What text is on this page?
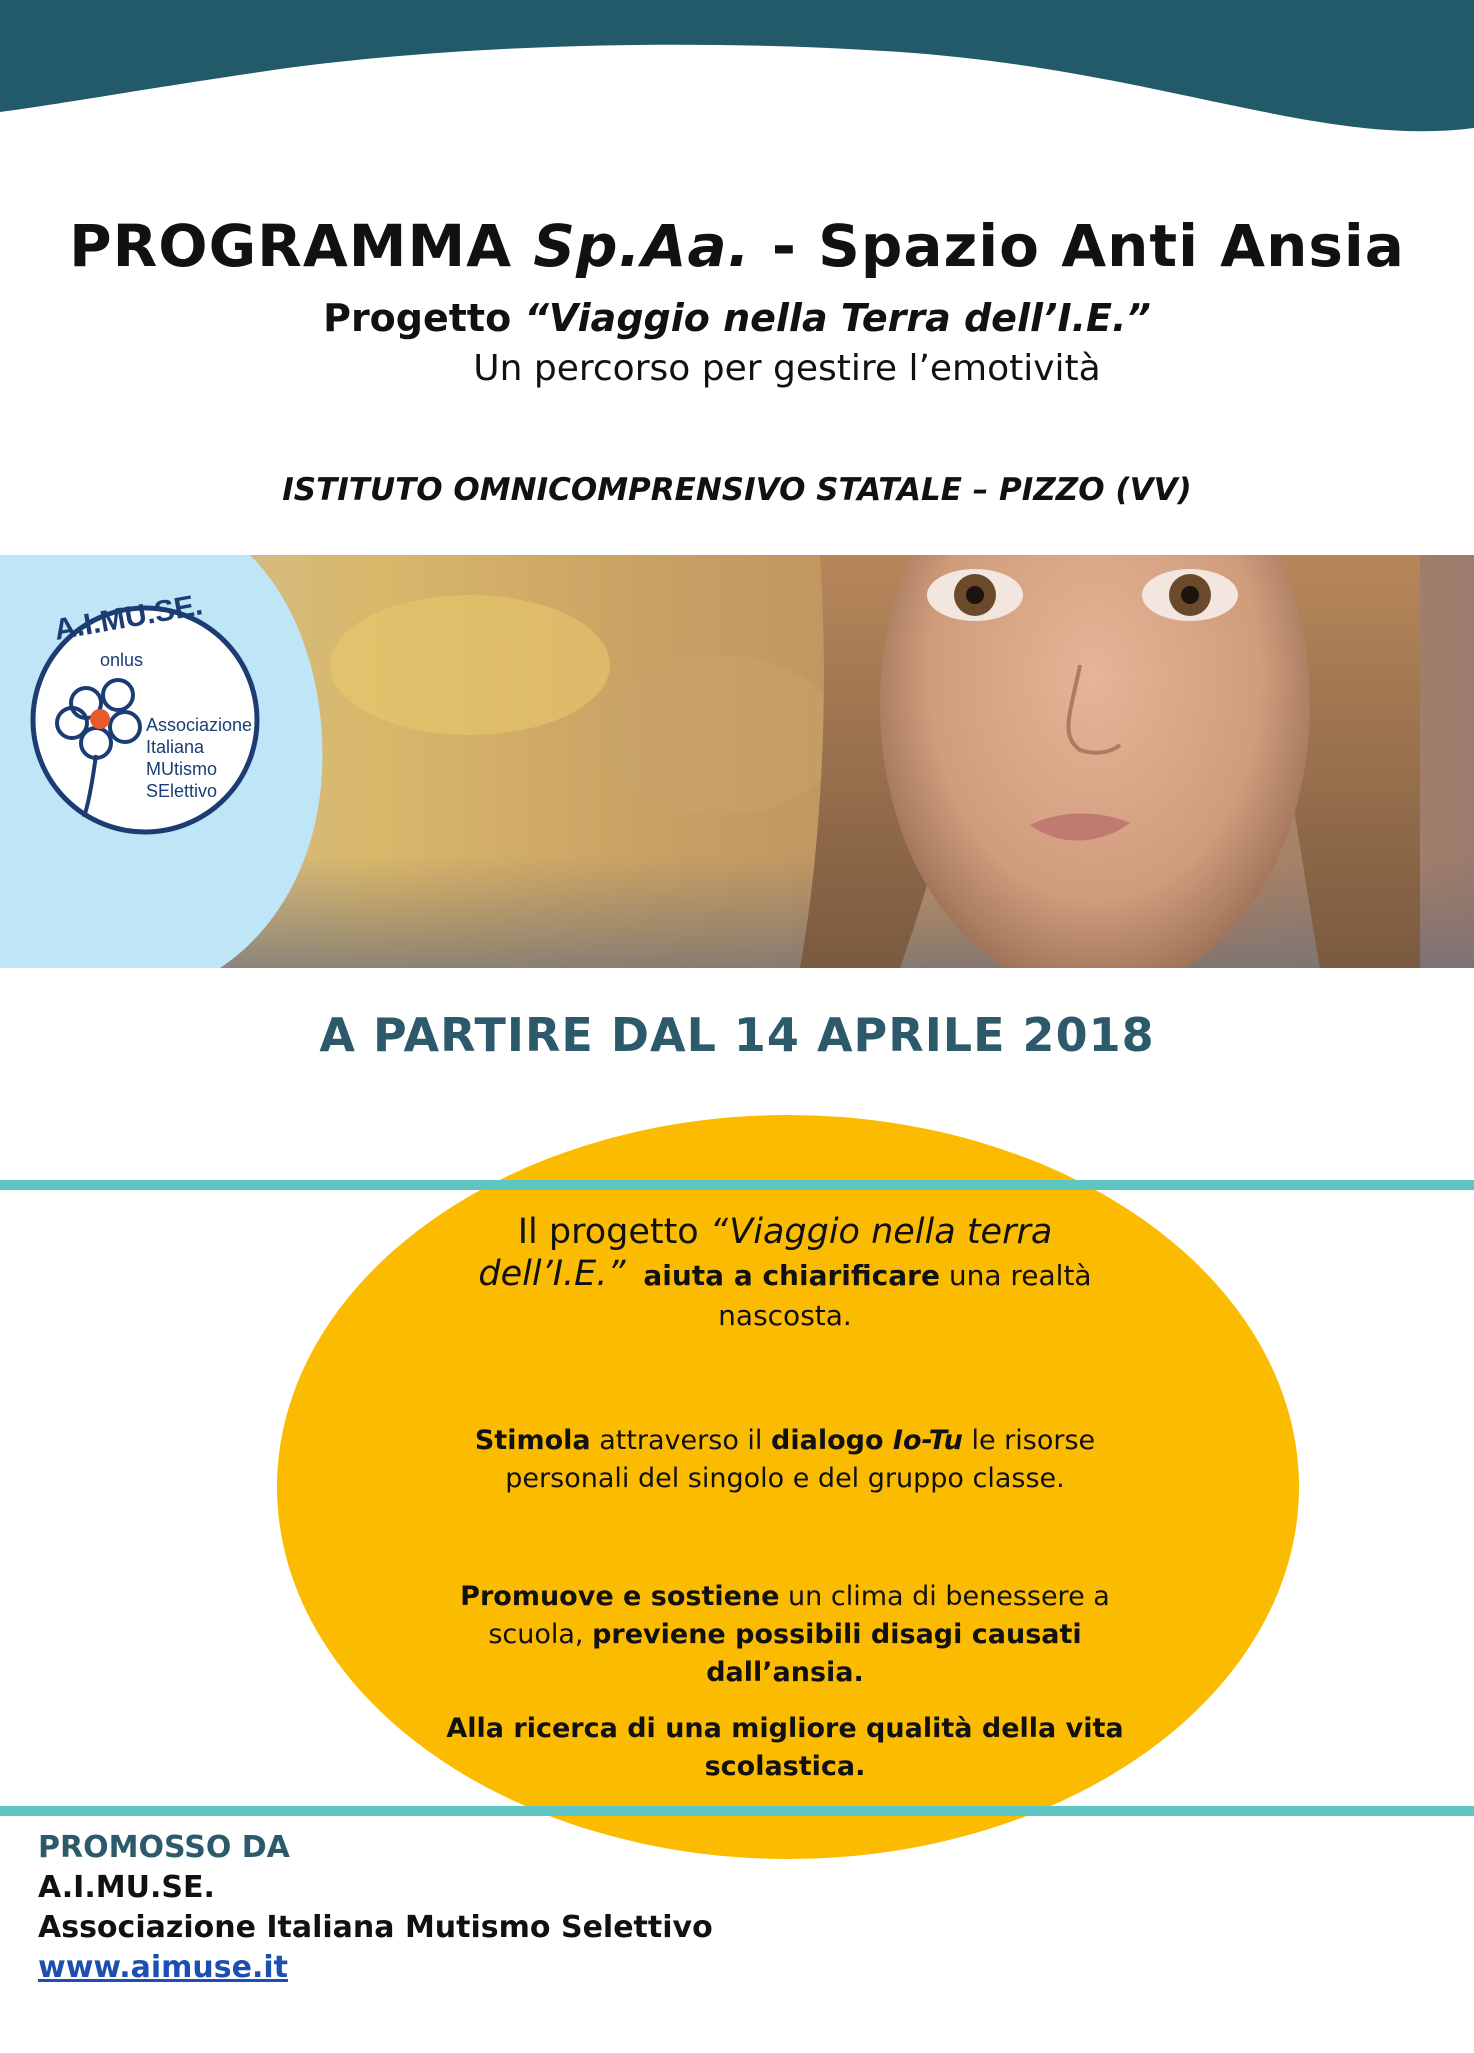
PROGRAMMA Sp.Aa. - Spazio Anti Ansia
Progetto “Viaggio nella Terra dell’I.E.”
Un percorso per gestire l’emotività
ISTITUTO OMNICOMPRENSIVO STATALE – PIZZO (VV)
A.I.MU.SE.
onlus
Associazione
Italiana
MUtismo
SElettivo
A PARTIRE DAL 14 APRILE 2018
Il progetto “Viaggio nella terra dell’I.E.” aiuta a chiarificare una realtà nascosta.
Stimola attraverso il dialogo Io-Tu le risorse personali del singolo e del gruppo classe.
Promuove e sostiene un clima di benessere a scuola, previene possibili disagi causati dall’ansia.
Alla ricerca di una migliore qualità della vita scolastica.
PROMOSSO DA
A.I.MU.SE.
Associazione Italiana Mutismo Selettivo
www.aimuse.it
